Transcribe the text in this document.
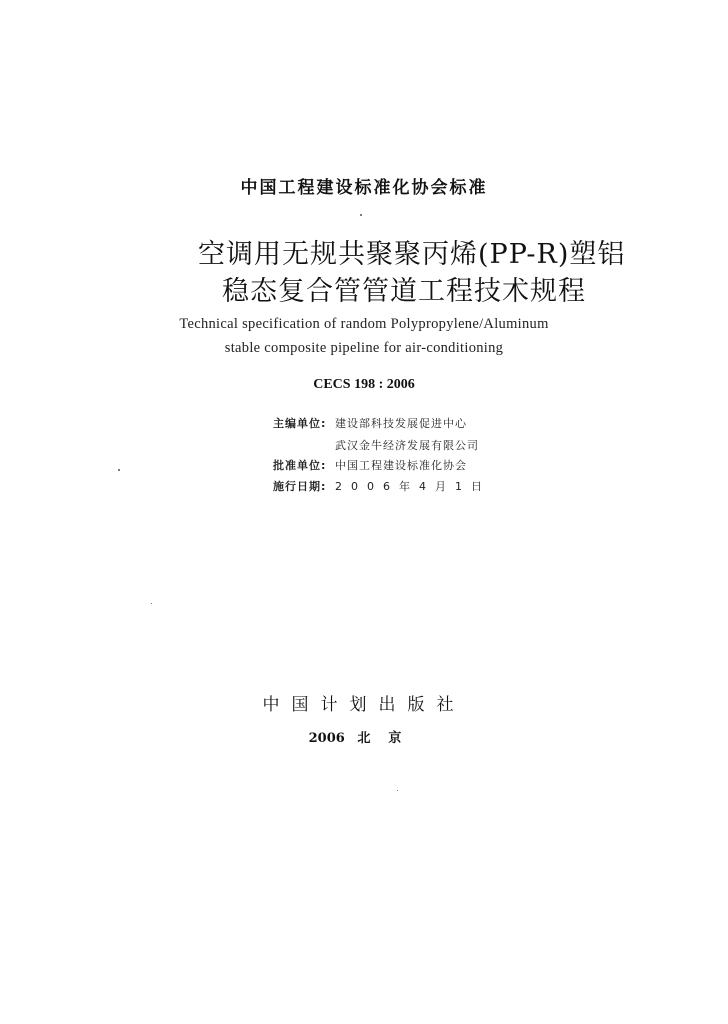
中国工程建设标准化协会标准
空调用无规共聚聚丙烯(PP-R)塑铝
稳态复合管管道工程技术规程
Technical specification of random Polypropylene/Aluminum
stable composite pipeline for air-conditioning
CECS 198 : 2006
主编单位: 建设部科技发展促进中心
武汉金牛经济发展有限公司
批准单位: 中国工程建设标准化协会
施行日期: 2006年4月1日
中国计划出版社
2006 北京
